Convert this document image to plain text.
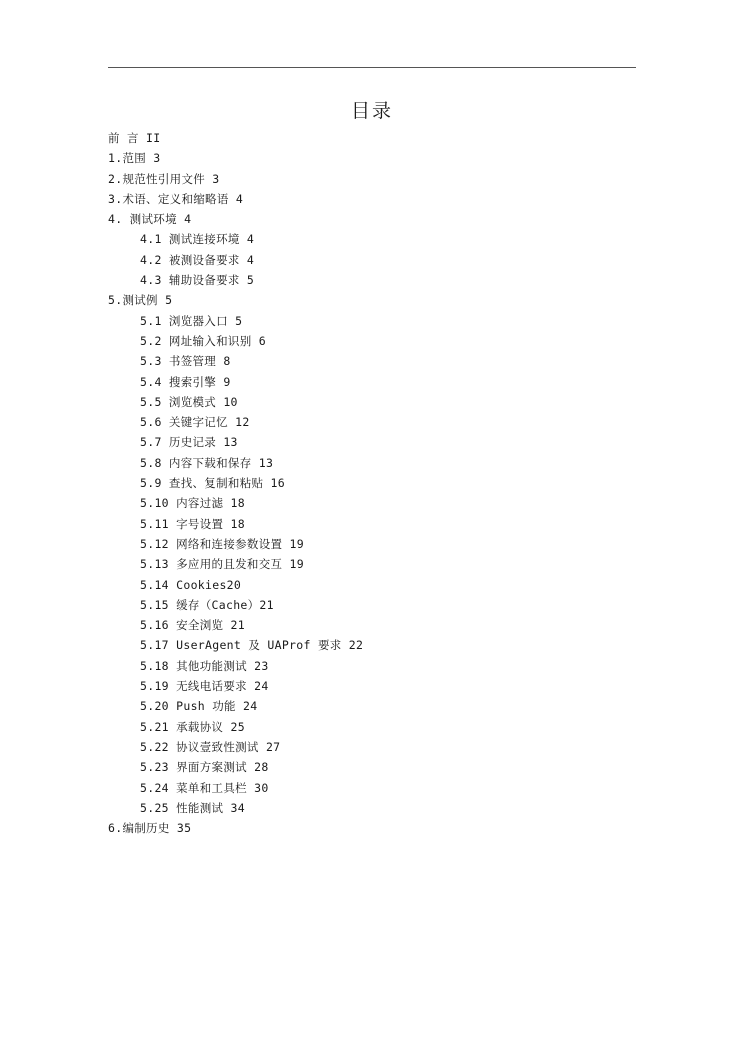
目录
前 言 II
1.范围 3
2.规范性引用文件 3
3.术语、定义和缩略语 4
4. 测试环境 4
4.1 测试连接环境 4
4.2 被测设备要求 4
4.3 辅助设备要求 5
5.测试例 5
5.1 浏览器入口 5
5.2 网址输入和识别 6
5.3 书签管理 8
5.4 搜索引擎 9
5.5 浏览模式 10
5.6 关键字记忆 12
5.7 历史记录 13
5.8 内容下载和保存 13
5.9 查找、复制和粘贴 16
5.10 内容过滤 18
5.11 字号设置 18
5.12 网络和连接参数设置 19
5.13 多应用的且发和交互 19
5.14 Cookies20
5.15 缓存（Cache）21
5.16 安全浏览 21
5.17 UserAgent 及 UAProf 要求 22
5.18 其他功能测试 23
5.19 无线电话要求 24
5.20 Push 功能 24
5.21 承载协议 25
5.22 协议壹致性测试 27
5.23 界面方案测试 28
5.24 菜单和工具栏 30
5.25 性能测试 34
6.编制历史 35
